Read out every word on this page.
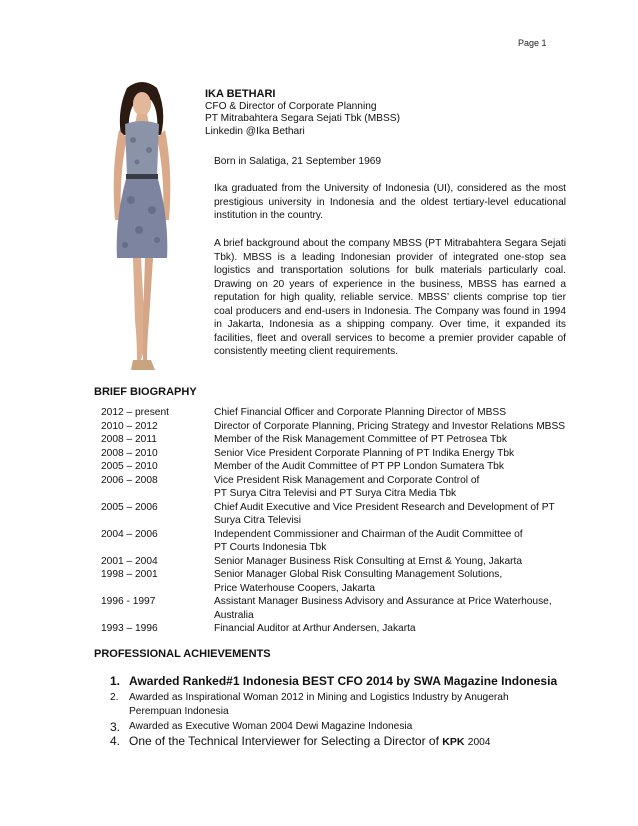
Page 1
IKA BETHARI
CFO & Director of Corporate Planning
PT Mitrabahtera Segara Sejati Tbk (MBSS)
Linkedin @Ika Bethari

Born in Salatiga, 21 September 1969

Ika graduated from the University of Indonesia (UI), considered as the most prestigious university in Indonesia and the oldest tertiary-level educational institution in the country.

A brief background about the company MBSS (PT Mitrabahtera Segara Sejati Tbk). MBSS is a leading Indonesian provider of integrated one-stop sea logistics and transportation solutions for bulk materials particularly coal. Drawing on 20 years of experience in the business, MBSS has earned a reputation for high quality, reliable service. MBSS’ clients comprise top tier coal producers and end-users in Indonesia. The Company was found in 1994 in Jakarta, Indonesia as a shipping company. Over time, it expanded its facilities, fleet and overall services to become a premier provider capable of consistently meeting client requirements.

BRIEF BIOGRAPHY
2012 – present	Chief Financial Officer and Corporate Planning Director of MBSS
2010 – 2012	Director of Corporate Planning, Pricing Strategy and Investor Relations MBSS
2008 – 2011	Member of the Risk Management Committee of PT Petrosea Tbk
2008 – 2010	Senior Vice President Corporate Planning of PT Indika Energy Tbk
2005 – 2010	Member of the Audit Committee of PT PP London Sumatera Tbk
2006 – 2008	Vice President Risk Management and Corporate Control of
PT Surya Citra Televisi and PT Surya Citra Media Tbk
2005 – 2006	Chief Audit Executive and Vice President Research and Development of PT
Surya Citra Televisi
2004 – 2006	Independent Commissioner and Chairman of the Audit Committee of
PT Courts Indonesia Tbk
2001 – 2004	Senior Manager Business Risk Consulting at Ernst & Young, Jakarta
1998 – 2001	Senior Manager Global Risk Consulting Management Solutions,
Price Waterhouse Coopers, Jakarta
1996 - 1997	Assistant Manager Business Advisory and Assurance at Price Waterhouse,
Australia
1993 – 1996	Financial Auditor at Arthur Andersen, Jakarta
PROFESSIONAL ACHIEVEMENTS
1. Awarded Ranked#1 Indonesia BEST CFO 2014 by SWA Magazine Indonesia
2.	Awarded as Inspirational Woman 2012 in Mining and Logistics Industry by Anugerah
Perempuan Indonesia
3. Awarded as Executive Woman 2004 Dewi Magazine Indonesia
4. One of the Technical Interviewer for Selecting a Director of KPK 2004
